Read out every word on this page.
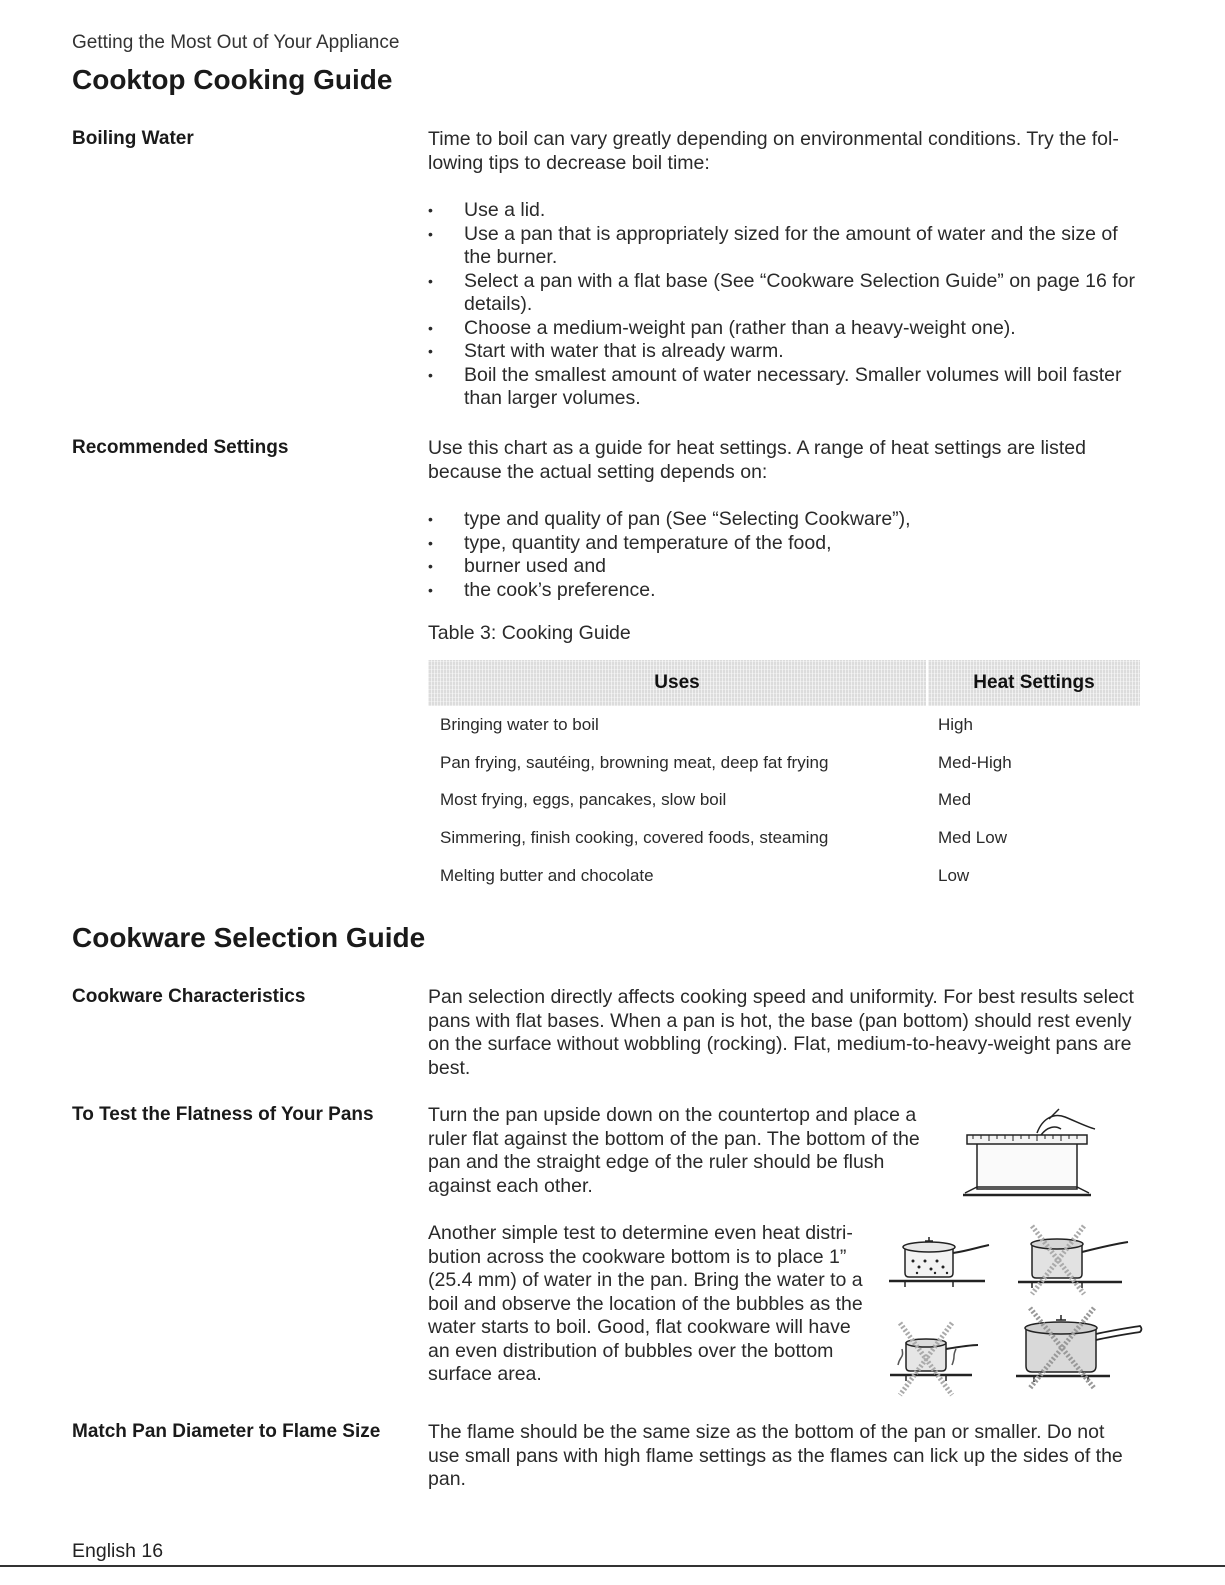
Getting the Most Out of Your Appliance
Cooktop Cooking Guide
Boiling Water	Time to boil can vary greatly depending on environmental conditions. Try the fol-lowing tips to decrease boil time:

• Use a lid.
• Use a pan that is appropriately sized for the amount of water and the size of the burner.
• Select a pan with a flat base (See “Cookware Selection Guide” on page 16 for details).
• Choose a medium-weight pan (rather than a heavy-weight one).
• Start with water that is already warm.
• Boil the smallest amount of water necessary. Smaller volumes will boil faster than larger volumes.
Recommended Settings	Use this chart as a guide for heat settings. A range of heat settings are listed because the actual setting depends on:
• type and quality of pan (See “Selecting Cookware”),
• type, quantity and temperature of the food,
• burner used and
• the cook’s preference.
Table 3: Cooking Guide
Uses	Heat Settings
Bringing water to boil	High
Pan frying, sautéing, browning meat, deep fat frying	Med-High
Most frying, eggs, pancakes, slow boil	Med
Simmering, finish cooking, covered foods, steaming	Med Low
Melting butter and chocolate	Low
Cookware Selection Guide
Cookware Characteristics	Pan selection directly affects cooking speed and uniformity. For best results select pans with flat bases. When a pan is hot, the base (pan bottom) should rest evenly on the surface without wobbling (rocking). Flat, medium-to-heavy-weight pans are best.
To Test the Flatness of Your Pans	Turn the pan upside down on the countertop and place a ruler flat against the bottom of the pan. The bottom of the pan and the straight edge of the ruler should be flush against each other.
Another simple test to determine even heat distri-bution across the cookware bottom is to place 1” (25.4 mm) of water in the pan. Bring the water to a boil and observe the location of the bubbles as the water starts to boil. Good, flat cookware will have an even distribution of bubbles over the bottom surface area.
Match Pan Diameter to Flame Size The flame should be the same size as the bottom of the pan or smaller. Do not use small pans with high flame settings as the flames can lick up the sides of the pan.
English 16
